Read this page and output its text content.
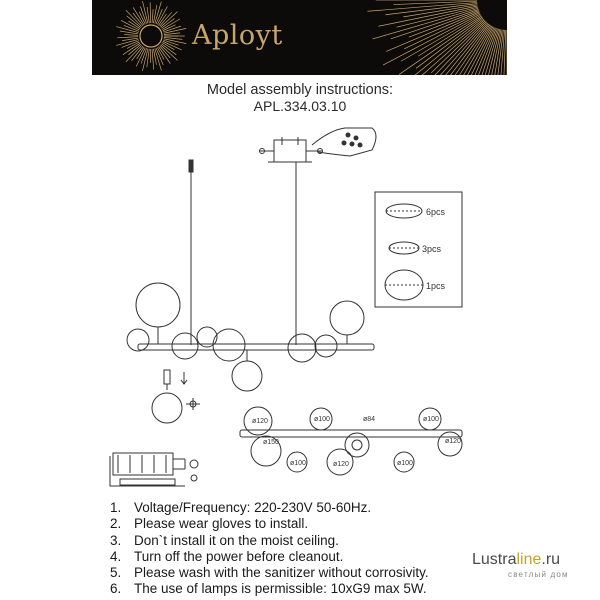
Aployt
Model assembly instructions:
APL.334.03.10
6pcs
3pcs
1pcs
ø120	ø100	ø84	ø100
ø150	ø120
ø100	ø120	ø100
1. Voltage/Frequency: 220-230V 50-60Hz.
2. Please wear gloves to install.
3. Don`t install it on the moist ceiling.
4. Turn off the power before cleanout.
5. Please wash with the sanitizer without corrosivity.
6. The use of lamps is permissible: 10xG9 max 5W.
Lustraline.ru
светлый дом
